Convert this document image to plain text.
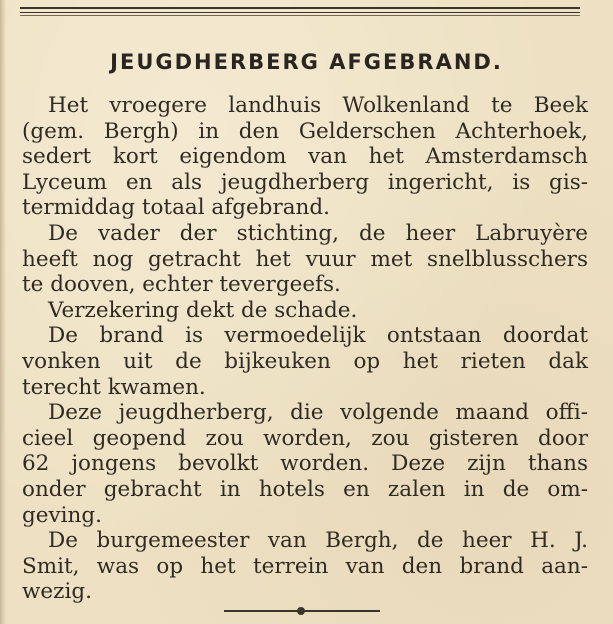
JEUGDHERBERG AFGEBRAND.
Het vroegere landhuis Wolkenland te Beek
(gem. Bergh) in den Gelderschen Achterhoek,
sedert kort eigendom van het Amsterdamsch
Lyceum en als jeugdherberg ingericht, is gis-
termiddag totaal afgebrand.
De vader der stichting, de heer Labruyère
heeft nog getracht het vuur met snelblusschers
te dooven, echter tevergeefs.
Verzekering dekt de schade.
De brand is vermoedelijk ontstaan doordat
vonken uit de bijkeuken op het rieten dak
terecht kwamen.
Deze jeugdherberg, die volgende maand offi-
cieel geopend zou worden, zou gisteren door
62 jongens bevolkt worden. Deze zijn thans
onder gebracht in hotels en zalen in de om-
geving.
De burgemeester van Bergh, de heer H. J.
Smit, was op het terrein van den brand aan-
wezig.
